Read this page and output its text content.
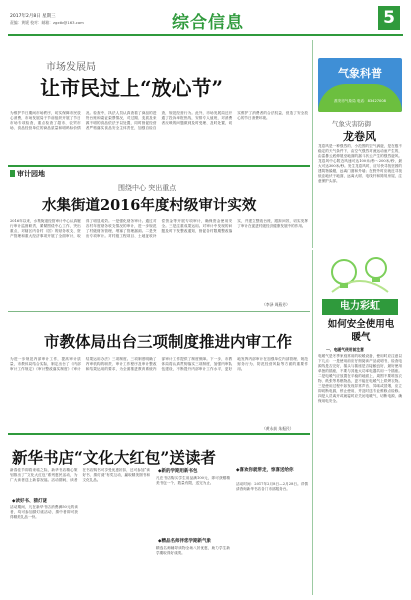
2017年2月8日 星期三
责编：黄媛 校对：邮箱：zgxtb@163.com	综合信息	5
市场发展局
让市民过上“放心节”
为维护节日期间市场秩序，切实保障市民放心消费，市场发展局于节前组织开展了节日市场专项检查，重点检查了超市、农贸市场、食品经营单位的商品质量和明码标价情况。检查中，执法人员认真查看了商品的进货台账和索证索票情况，对过期、变质及来源不明的食品依法予以处置，同时督促经营者严格落实食品安全主体责任，加强自检自查，规范经营行为。此外，市场发展局还开通了投诉举报热线，安排专人值班，对消费者反映的问题做到及时受理、及时处置，切实维护了消费者的合法权益，营造了安全放心的节日消费环境。
气象科普
淮安市气象局 电话：83427008
气象灾害防御
龙卷风
龙卷风是一种强烈的、小范围的空气涡旋，是在极不稳定的天气条件下，由空气强烈对流运动而产生的，由雷暴云底伸展至地面的漏斗状云产生的强烈旋风。龙卷风中心附近风速可达100米/秒～200米/秒，最大可达300米/秒。发生龙卷风时，应尽快寻找坚固的建筑物躲避，远离门窗和外墙；在野外时应就近寻找低洼地伏于地面，远离大树、电线杆和简易房屋，注意保护头部。
审计园地
围绕中心 突出重点
水集街道2016年度村级审计实效
2016年以来，水集街道经管审计中心认真履行审计监督职责，紧紧围绕中心工作，突出重点，对辖区内各村（居）的财务收支、资产管理和重大经济事项开展了全面审计，取得了明显成效。一是强化财务审计。通过对各村年度财务收支情况的审计，进一步规范了村级财务管理，堵塞了管理漏洞。二是突出专项审计。对村级工程项目、土地征收补偿资金等开展专项审计，确保资金使用安全。三是注重成果运用。对审计中发现的问题及时下发整改通知，督促各村限期整改落实，并建立整改台账，跟踪问效，切实发挥了审计在促进村级经济健康发展中的作用。
（李泽 周燕芳）
市教体局出台三项制度推进内审工作
为进一步规范内部审计工作，提高审计质量，市教体局结合实际，制定出台了《内部审计工作规定》《审计整改落实制度》《审计结果运用办法》三项制度。三项制度明确了内审机构的职责、审计工作程序及审计整改和结果运用的要求，为全面推进教育系统内部审计工作提供了制度保障。下一步，市教体局将认真贯彻落实三项制度，加强内审队伍建设，不断提升内部审计工作水平，更好地发挥内部审计在加强单位内部管理、规范财务行为、防范经营风险等方面的重要作用。
（黄永前 朱振民）
电力彩虹
如何安全使用电暖气
一、电暖气使用前注意
电暖气是冬季家庭常用的取暖设备，使用时应注意以下几点：一是使用前应仔细阅读产品说明书，检查电源线是否完好，插头与插座是否接触良好，最好使用单独的插座，不要与其他大功率电器共用一个插座。二是电暖气应放置在平稳的地面上，周围不要堆放衣物、纸张等易燃物品，更不能在电暖气上烘烤衣物。三是使用过程中如发现异常声音、异味或冒烟，应立即切断电源，停止使用，并及时送专业维修点检修。四是人员离开或就寝时应关闭电暖气，切断电源，确保用电安全。
新华书店“文化大红包”送读者
新春佳节即将来临之际，新华书店精心策划推出了“文化大红包”系列惠民活动，为广大读者送上新春祝福。活动期间，读者在书店购书可享受优惠折扣，还可参加“读好书、猜灯谜”有奖互动，赢取精美图书和文化礼品。
◆读好书、猜灯谜
活动期间，凡在新华书店消费满50元的读者，均可参加猜灯谜活动，猜中者即可获得精美礼品一份。
◆新的学期用新书包
凡在书店购买学生用品满100元，即可获赠精美书包一个，数量有限，送完为止。
◆精品名师伴您学期新气象
精选名师辅导读物全场八折优惠，助力学生新学期取得好成绩。
◆喜欢你就带走，惊喜送给你
活动时间：2017年2月8日—2月28日。详情请咨询新华书店各门市部服务台。
